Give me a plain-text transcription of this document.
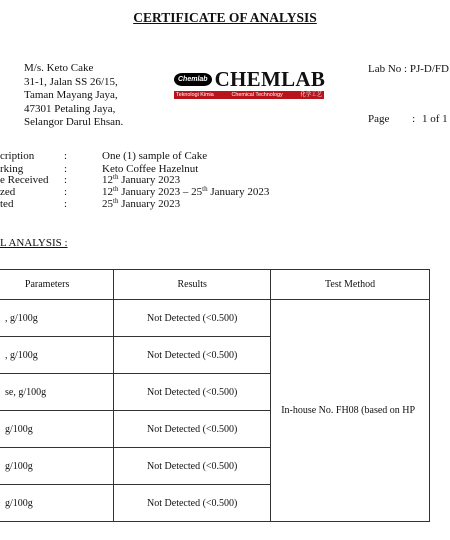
CERTIFICATE OF ANALYSIS
M/s. Keto Cake
31-1, Jalan SS 26/15,
Taman Mayang Jaya,
47301 Petaling Jaya,
Selangor Darul Ehsan.
Chemlab CHEMLAB
Teknologi Kimia	Chemical Technology	化学工艺
Lab No : PJ-D/FD
Page : 1 of 1
cription	:	One (1) sample of Cake
rking	:	Keto Coffee Hazelnut
e Received :	12th January 2023
zed	:	12th January 2023 – 25th January 2023
ted	:	25th January 2023
L ANALYSIS :
Parameters	Results	Test Method
, g/100g	Not Detected (<0.500)	In-house No. FH08 (based on HP
, g/100g	Not Detected (<0.500)	
se, g/100g	Not Detected (<0.500)	
g/100g	Not Detected (<0.500)	
g/100g	Not Detected (<0.500)	
g/100g	Not Detected (<0.500)	
